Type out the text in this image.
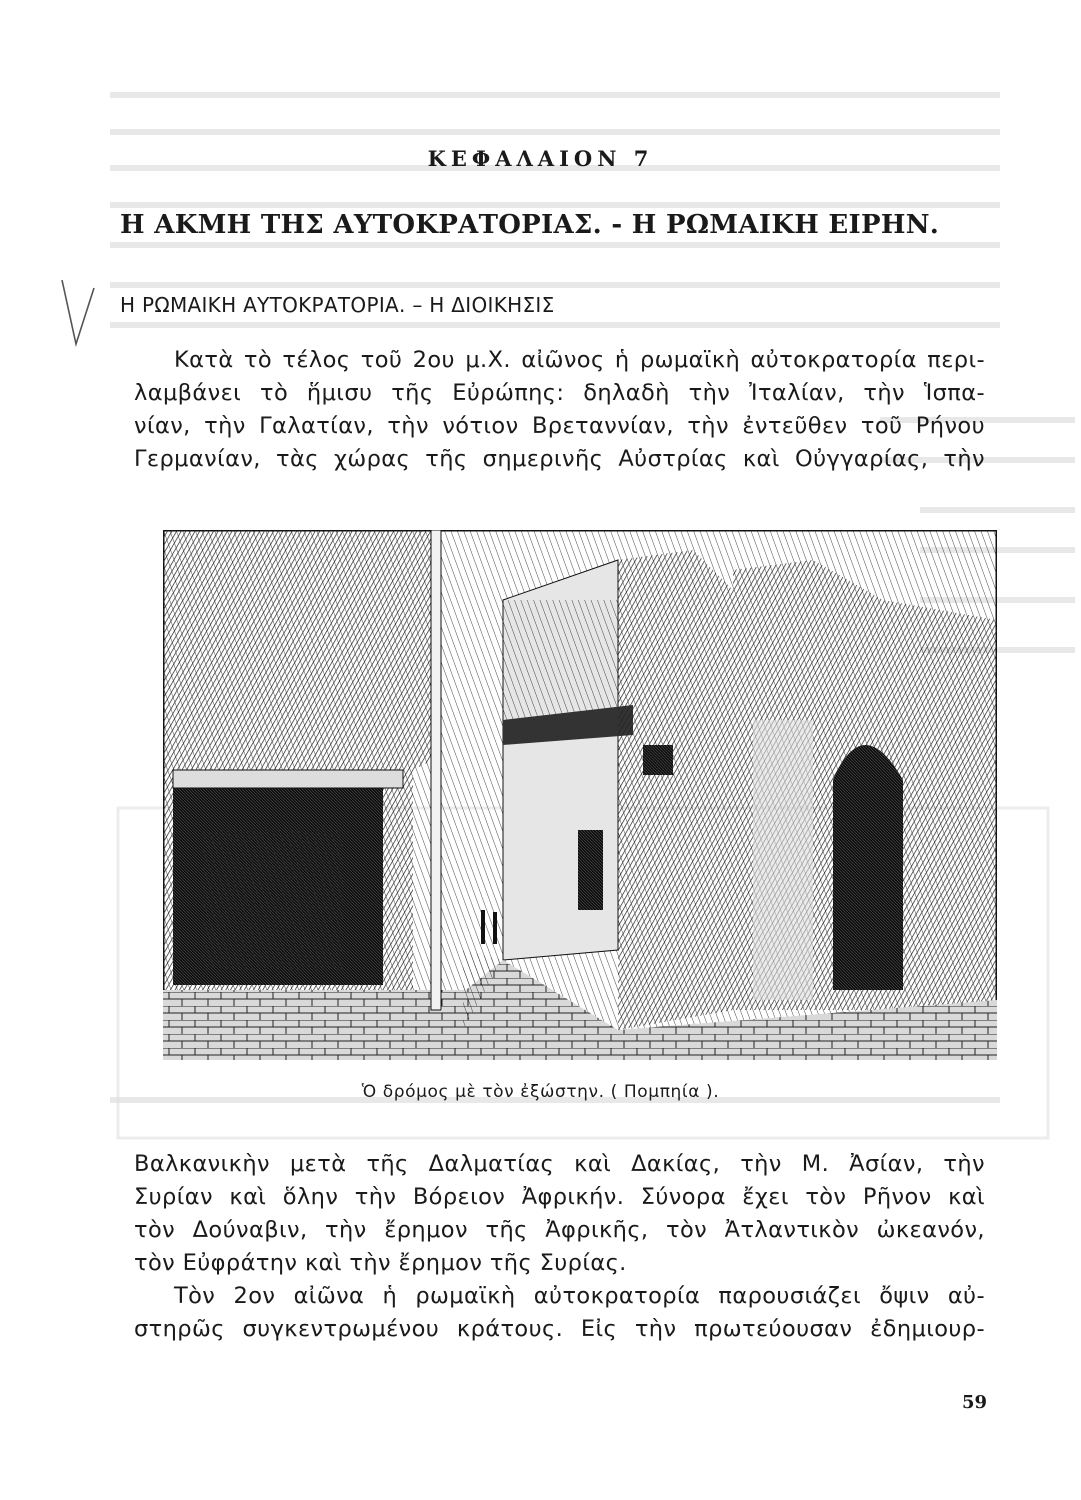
ΚΕΦΑΛΑΙΟΝ 7
Η ΑΚΜΗ ΤΗΣ ΑΥΤΟΚΡΑΤΟΡΙΑΣ. - Η ΡΩΜΑΙΚΗ ΕΙΡΗΝ.
Η ΡΩΜΑΙΚΗ ΑΥΤΟΚΡΑΤΟΡΙΑ. – Η ΔΙΟΙΚΗΣΙΣ
Κατὰ τὸ τέλος τοῦ 2ου μ.Χ. αἰῶνος ἡ ρωμαϊκὴ αὐτοκρατορία περι-
λαμβάνει τὸ ἥμισυ τῆς Εὐρώπης: δηλαδὴ τὴν Ἰταλίαν, τὴν Ἱσπα-
νίαν, τὴν Γαλατίαν, τὴν νότιον Βρεταννίαν, τὴν ἐντεῦθεν τοῦ Ρήνου
Γερμανίαν, τὰς χώρας τῆς σημερινῆς Αὐστρίας καὶ Οὐγγαρίας, τὴν
Ὁ δρόμος μὲ τὸν ἐξώστην. ( Πομπηία ).
Βαλκανικὴν μετὰ τῆς Δαλματίας καὶ Δακίας, τὴν Μ. Ἀσίαν, τὴν
Συρίαν καὶ ὅλην τὴν Βόρειον Ἀφρικήν. Σύνορα ἔχει τὸν Ρῆνον καὶ
τὸν Δούναβιν, τὴν ἔρημον τῆς Ἀφρικῆς, τὸν Ἀτλαντικὸν ὠκεανόν,
τὸν Εὐφράτην καὶ τὴν ἔρημον τῆς Συρίας.
Τὸν 2ον αἰῶνα ἡ ρωμαϊκὴ αὐτοκρατορία παρουσιάζει ὄψιν αὐ-
στηρῶς συγκεντρωμένου κράτους. Εἰς τὴν πρωτεύουσαν ἐδημιουρ-
59
